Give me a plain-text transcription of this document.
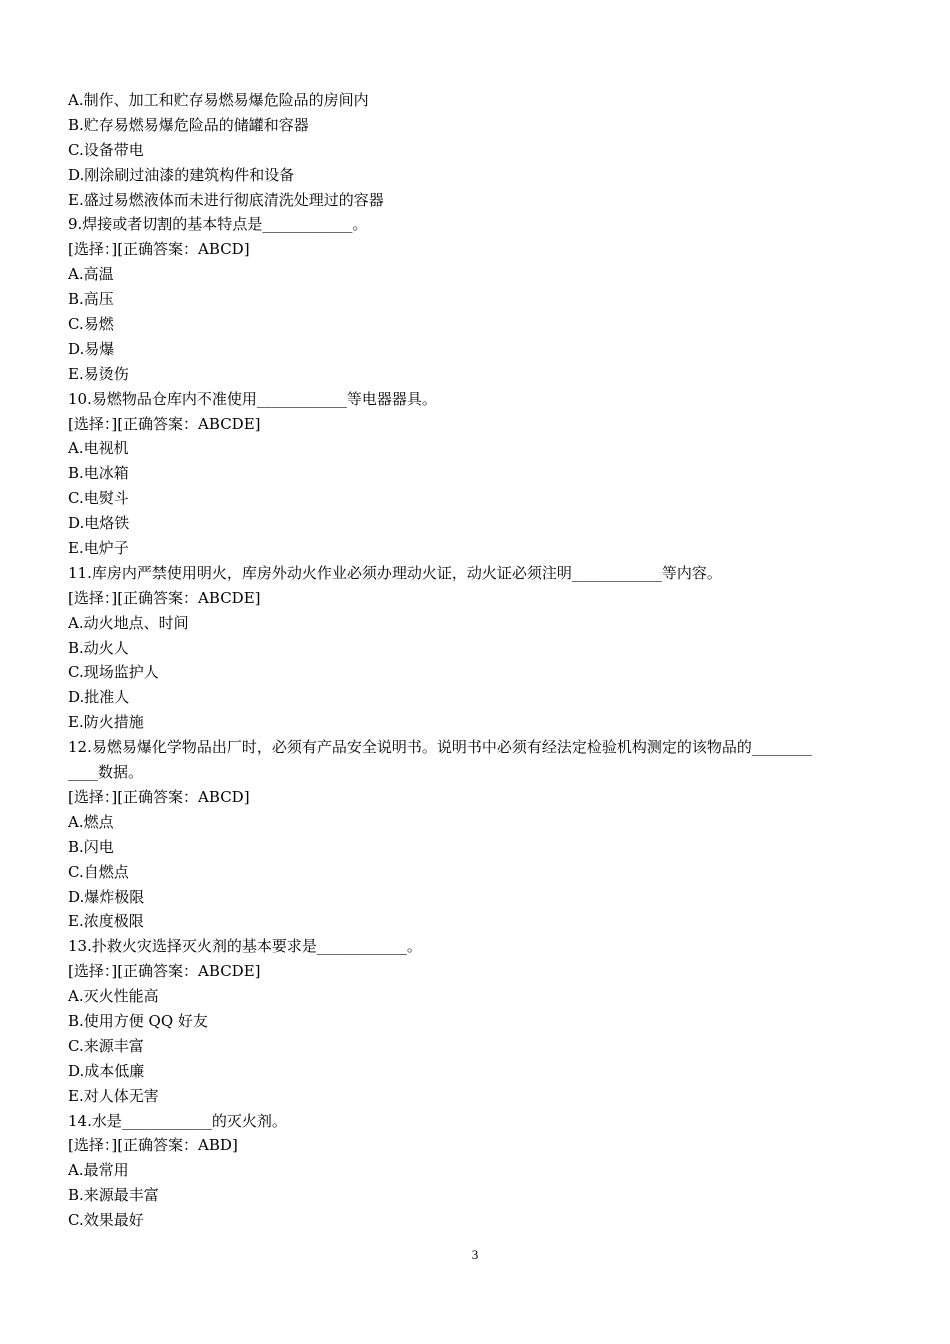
A.制作、加工和贮存易燃易爆危险品的房间内
B.贮存易燃易爆危险品的储罐和容器
C.设备带电
D.刚涂刷过油漆的建筑构件和设备
E.盛过易燃液体而未进行彻底清洗处理过的容器
9.焊接或者切割的基本特点是____________。
[选择：][正确答案：ABCD]
A.高温
B.高压
C.易燃
D.易爆
E.易烫伤
10.易燃物品仓库内不准使用____________等电器器具。
[选择：][正确答案：ABCDE]
A.电视机
B.电冰箱
C.电熨斗
D.电烙铁
E.电炉子
11.库房内严禁使用明火，库房外动火作业必须办理动火证，动火证必须注明____________等内容。
[选择：][正确答案：ABCDE]
A.动火地点、时间
B.动火人
C.现场监护人
D.批准人
E.防火措施
12.易燃易爆化学物品出厂时，必须有产品安全说明书。说明书中必须有经法定检验机构测定的该物品的________
____数据。
[选择：][正确答案：ABCD]
A.燃点
B.闪电
C.自燃点
D.爆炸极限
E.浓度极限
13.扑救火灾选择灭火剂的基本要求是____________。
[选择：][正确答案：ABCDE]
A.灭火性能高
B.使用方便 QQ 好友
C.来源丰富
D.成本低廉
E.对人体无害
14.水是____________的灭火剂。
[选择：][正确答案：ABD]
A.最常用
B.来源最丰富
C.效果最好
3
